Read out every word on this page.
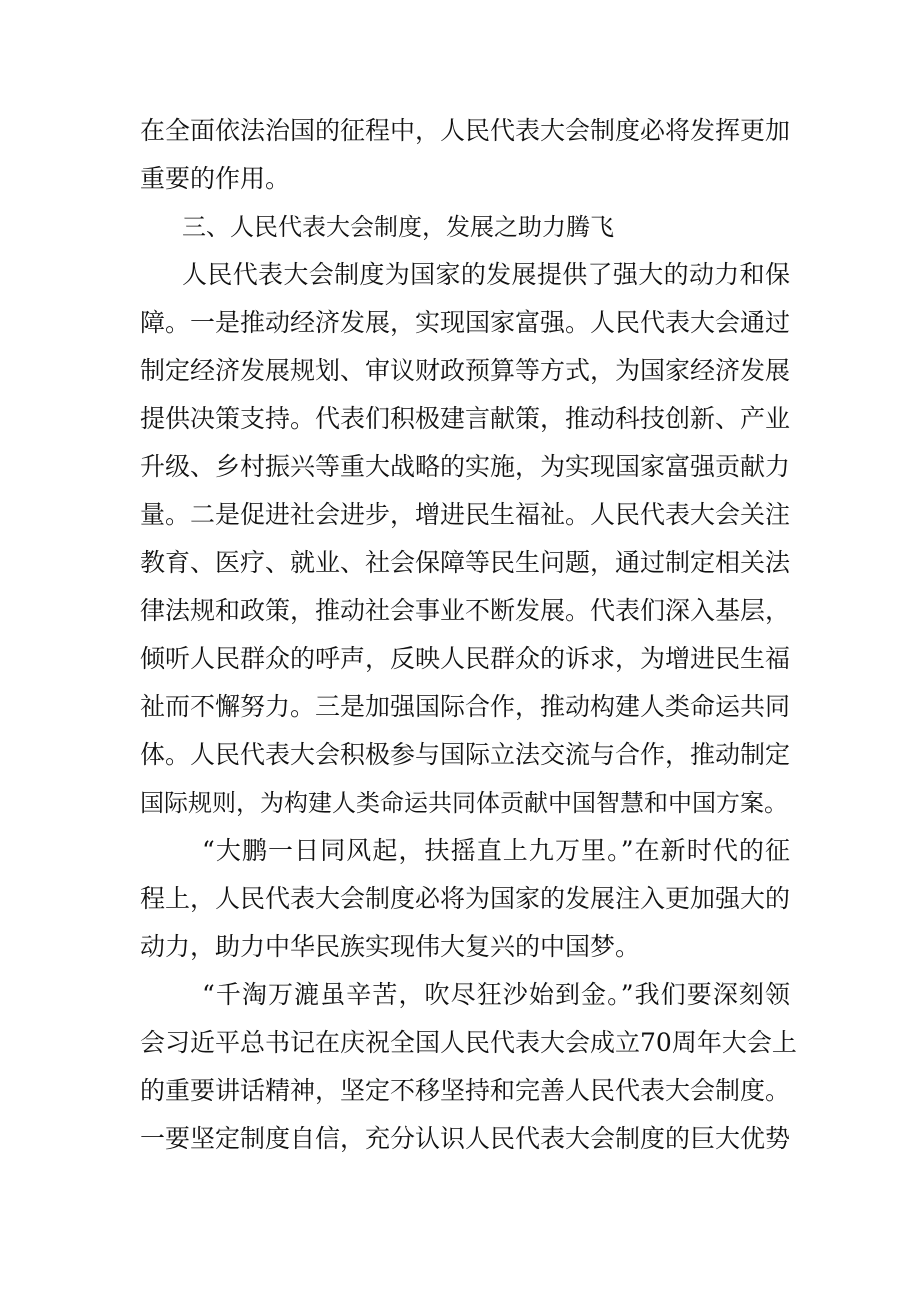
在全面依法治国的征程中，人民代表大会制度必将发挥更加
重要的作用。
三、人民代表大会制度，发展之助力腾飞
人民代表大会制度为国家的发展提供了强大的动力和保
障。一是推动经济发展，实现国家富强。人民代表大会通过
制定经济发展规划、审议财政预算等方式，为国家经济发展
提供决策支持。代表们积极建言献策，推动科技创新、产业
升级、乡村振兴等重大战略的实施，为实现国家富强贡献力
量。二是促进社会进步，增进民生福祉。人民代表大会关注
教育、医疗、就业、社会保障等民生问题，通过制定相关法
律法规和政策，推动社会事业不断发展。代表们深入基层，
倾听人民群众的呼声，反映人民群众的诉求，为增进民生福
祉而不懈努力。三是加强国际合作，推动构建人类命运共同
体。人民代表大会积极参与国际立法交流与合作，推动制定
国际规则，为构建人类命运共同体贡献中国智慧和中国方案。
“大鹏一日同风起，扶摇直上九万里。”在新时代的征
程上，人民代表大会制度必将为国家的发展注入更加强大的
动力，助力中华民族实现伟大复兴的中国梦。
“千淘万漉虽辛苦，吹尽狂沙始到金。”我们要深刻领
会习近平总书记在庆祝全国人民代表大会成立70周年大会上
的重要讲话精神，坚定不移坚持和完善人民代表大会制度。
一要坚定制度自信，充分认识人民代表大会制度的巨大优势
